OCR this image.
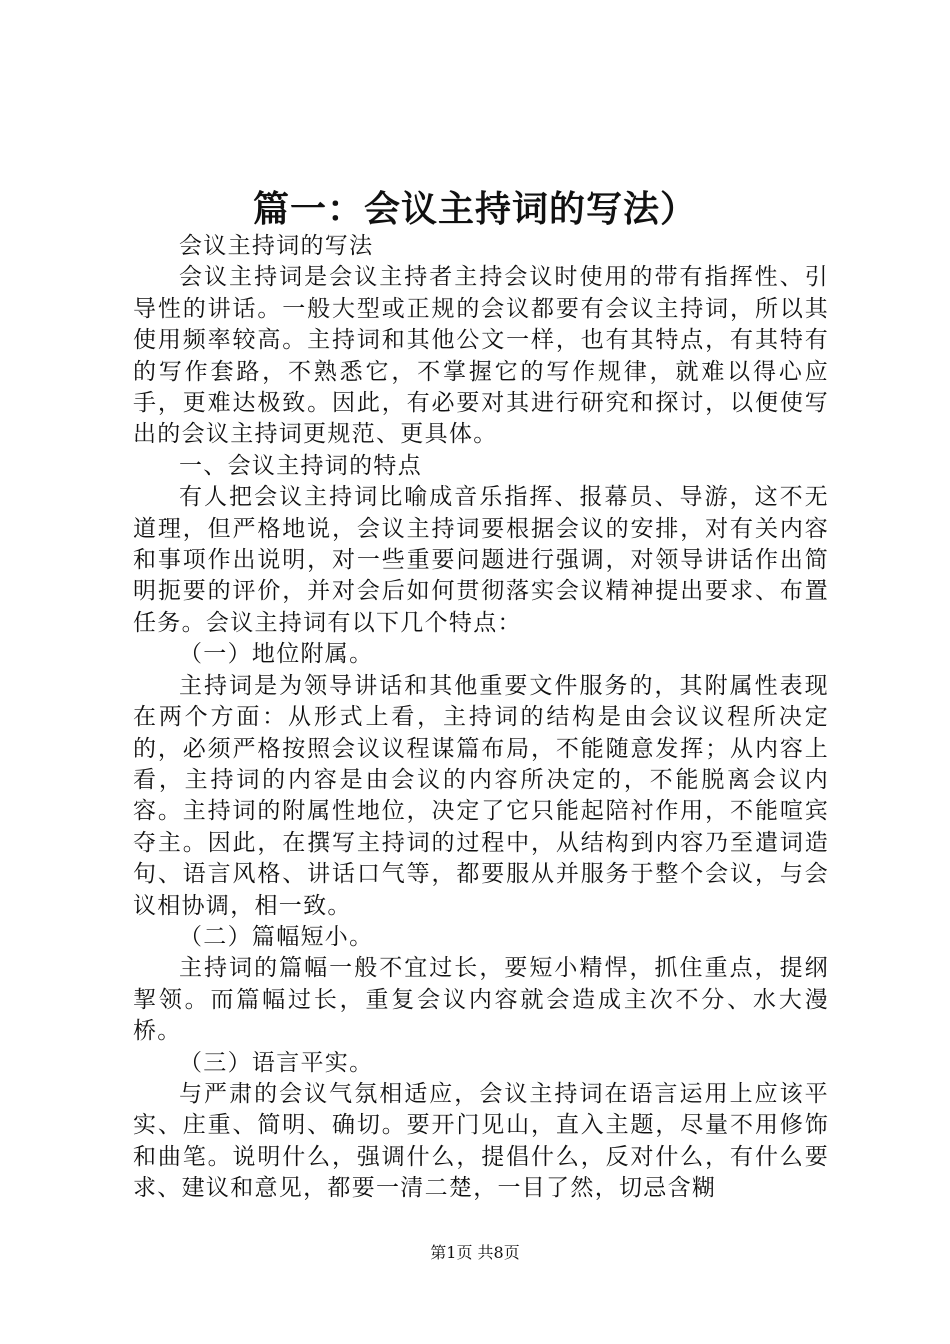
篇一：会议主持词的写法）

会议主持词的写法

会议主持词是会议主持者主持会议时使用的带有指挥性、引导性的讲话。一般大型或正规的会议都要有会议主持词，所以其使用频率较高。主持词和其他公文一样，也有其特点，有其特有的写作套路，不熟悉它，不掌握它的写作规律，就难以得心应手，更难达极致。因此，有必要对其进行研究和探讨，以便使写出的会议主持词更规范、更具体。

一、会议主持词的特点

有人把会议主持词比喻成音乐指挥、报幕员、导游，这不无道理，但严格地说，会议主持词要根据会议的安排，对有关内容和事项作出说明，对一些重要问题进行强调，对领导讲话作出简明扼要的评价，并对会后如何贯彻落实会议精神提出要求、布置任务。会议主持词有以下几个特点：

（一）地位附属。

主持词是为领导讲话和其他重要文件服务的，其附属性表现在两个方面：从形式上看，主持词的结构是由会议议程所决定的，必须严格按照会议议程谋篇布局，不能随意发挥；从内容上看，主持词的内容是由会议的内容所决定的，不能脱离会议内容。主持词的附属性地位，决定了它只能起陪衬作用，不能喧宾夺主。因此，在撰写主持词的过程中，从结构到内容乃至遣词造句、语言风格、讲话口气等，都要服从并服务于整个会议，与会议相协调，相一致。

（二）篇幅短小。

主持词的篇幅一般不宜过长，要短小精悍，抓住重点，提纲挈领。而篇幅过长，重复会议内容就会造成主次不分、水大漫桥。

（三）语言平实。

与严肃的会议气氛相适应，会议主持词在语言运用上应该平实、庄重、简明、确切。要开门见山，直入主题，尽量不用修饰和曲笔。说明什么，强调什么，提倡什么，反对什么，有什么要求、建议和意见，都要一清二楚，一目了然，切忌含糊

第1页 共8页
